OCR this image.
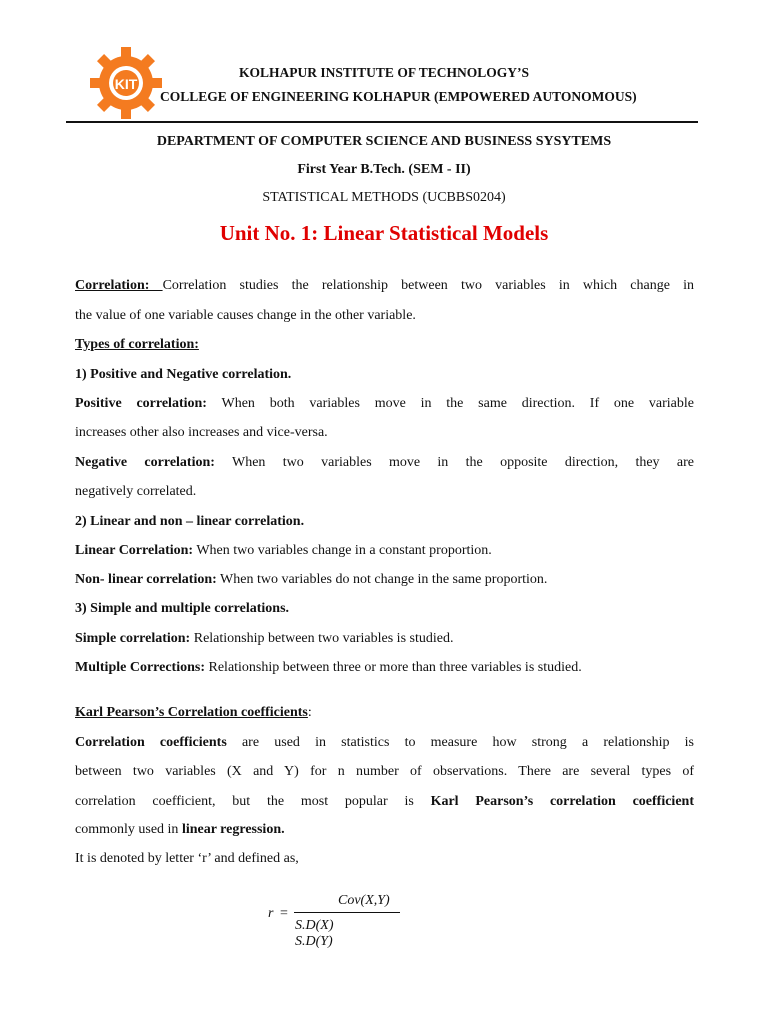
KIT
KOLHAPUR INSTITUTE OF TECHNOLOGY’S
COLLEGE OF ENGINEERING KOLHAPUR (EMPOWERED AUTONOMOUS)
DEPARTMENT OF COMPUTER SCIENCE AND BUSINESS SYSYTEMS
First Year B.Tech. (SEM - II)
STATISTICAL METHODS (UCBBS0204)
Unit No. 1: Linear Statistical Models
Correlation: Correlation studies the relationship between two variables in which change in
the value of one variable causes change in the other variable.
Types of correlation:
1) Positive and Negative correlation.
Positive correlation: When both variables move in the same direction. If one variable
increases other also increases and vice-versa.
Negative correlation: When two variables move in the opposite direction, they are
negatively correlated.
2) Linear and non – linear correlation.
Linear Correlation: When two variables change in a constant proportion.
Non- linear correlation: When two variables do not change in the same proportion.
3) Simple and multiple correlations.
Simple correlation: Relationship between two variables is studied.
Multiple Corrections: Relationship between three or more than three variables is studied.
Karl Pearson’s Correlation coefficients:
Correlation coefficients are used in statistics to measure how strong a relationship is
between two variables (X and Y) for n number of observations. There are several types of
correlation coefficient, but the most popular is Karl Pearson’s correlation coefficient
commonly used in linear regression.
It is denoted by letter ‘r’ and defined as,
r =
Cov(X,Y)
S.D(X) S.D(Y)
